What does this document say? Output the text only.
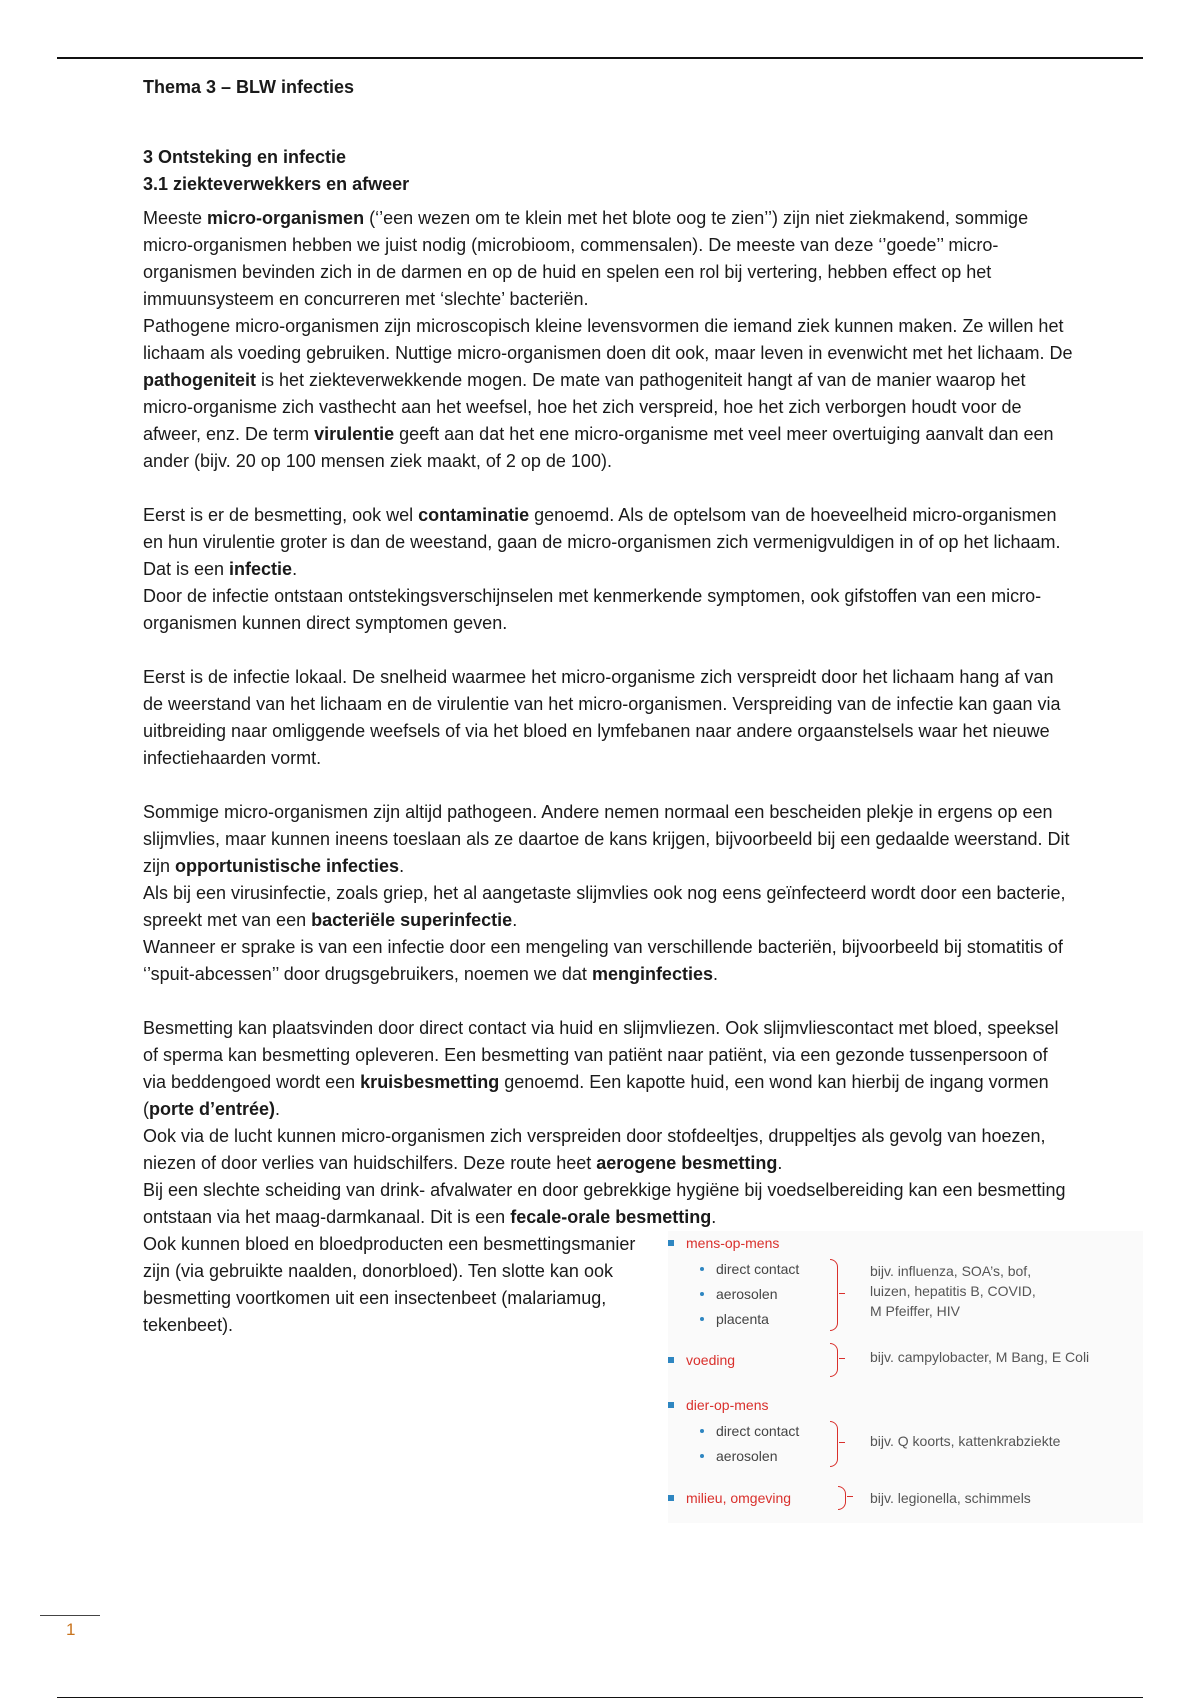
Thema 3 – BLW infecties
3 Ontsteking en infectie
3.1 ziekteverwekkers en afweer

Meeste micro-organismen (‘’een wezen om te klein met het blote oog te zien’’) zijn niet ziekmakend, sommige micro-organismen hebben we juist nodig (microbioom, commensalen). De meeste van deze ‘’goede’’ micro-organismen bevinden zich in de darmen en op de huid en spelen een rol bij vertering, hebben effect op het immuunsysteem en concurreren met ‘slechte’ bacteriën.

Pathogene micro-organismen zijn microscopisch kleine levensvormen die iemand ziek kunnen maken. Ze willen het lichaam als voeding gebruiken. Nuttige micro-organismen doen dit ook, maar leven in evenwicht met het lichaam. De pathogeniteit is het ziekteverwekkende mogen. De mate van pathogeniteit hangt af van de manier waarop het micro-organisme zich vasthecht aan het weefsel, hoe het zich verspreid, hoe het zich verborgen houdt voor de afweer, enz. De term virulentie geeft aan dat het ene micro-organisme met veel meer overtuiging aanvalt dan een ander (bijv. 20 op 100 mensen ziek maakt, of 2 op de 100).

Eerst is er de besmetting, ook wel contaminatie genoemd. Als de optelsom van de hoeveelheid micro-organismen en hun virulentie groter is dan de weestand, gaan de micro-organismen zich vermenigvuldigen in of op het lichaam. Dat is een infectie.

Door de infectie ontstaan ontstekingsverschijnselen met kenmerkende symptomen, ook gifstoffen van een micro-organismen kunnen direct symptomen geven.

Eerst is de infectie lokaal. De snelheid waarmee het micro-organisme zich verspreidt door het lichaam hang af van de weerstand van het lichaam en de virulentie van het micro-organismen. Verspreiding van de infectie kan gaan via uitbreiding naar omliggende weefsels of via het bloed en lymfebanen naar andere orgaanstelsels waar het nieuwe infectiehaarden vormt.

Sommige micro-organismen zijn altijd pathogeen. Andere nemen normaal een bescheiden plekje in ergens op een slijmvlies, maar kunnen ineens toeslaan als ze daartoe de kans krijgen, bijvoorbeeld bij een gedaalde weerstand. Dit zijn opportunistische infecties.

Als bij een virusinfectie, zoals griep, het al aangetaste slijmvlies ook nog eens geïnfecteerd wordt door een bacterie, spreekt met van een bacteriële superinfectie.

Wanneer er sprake is van een infectie door een mengeling van verschillende bacteriën, bijvoorbeeld bij stomatitis of ‘’spuit-abcessen’’ door drugsgebruikers, noemen we dat menginfecties.

Besmetting kan plaatsvinden door direct contact via huid en slijmvliezen. Ook slijmvliescontact met bloed, speeksel of sperma kan besmetting opleveren. Een besmetting van patiënt naar patiënt, via een gezonde tussenpersoon of via beddengoed wordt een kruisbesmetting genoemd. Een kapotte huid, een wond kan hierbij de ingang vormen (porte d’entrée).

Ook via de lucht kunnen micro-organismen zich verspreiden door stofdeeltjes, druppeltjes als gevolg van hoezen, niezen of door verlies van huidschilfers. Deze route heet aerogene besmetting.

Bij een slechte scheiding van drink- afvalwater en door gebrekkige hygiëne bij voedselbereiding kan een besmetting ontstaan via het maag-darmkanaal. Dit is een fecale-orale besmetting.

Ook kunnen bloed en bloedproducten een besmettingsmanier zijn (via gebruikte naalden, donorbloed). Ten slotte kan ook besmetting voortkomen uit een insectenbeet (malariamug, tekenbeet).

mens-op-mens
direct contact
aerosolen
placenta
bijv. influenza, SOA’s, bof,
luizen, hepatitis B, COVID,
M Pfeiffer, HIV
voeding	bijv. campylobacter, M Bang, E Coli
dier-op-mens
direct contact
aerosolen
bijv. Q koorts, kattenkrabziekte
milieu, omgeving	bijv. legionella, schimmels
1
